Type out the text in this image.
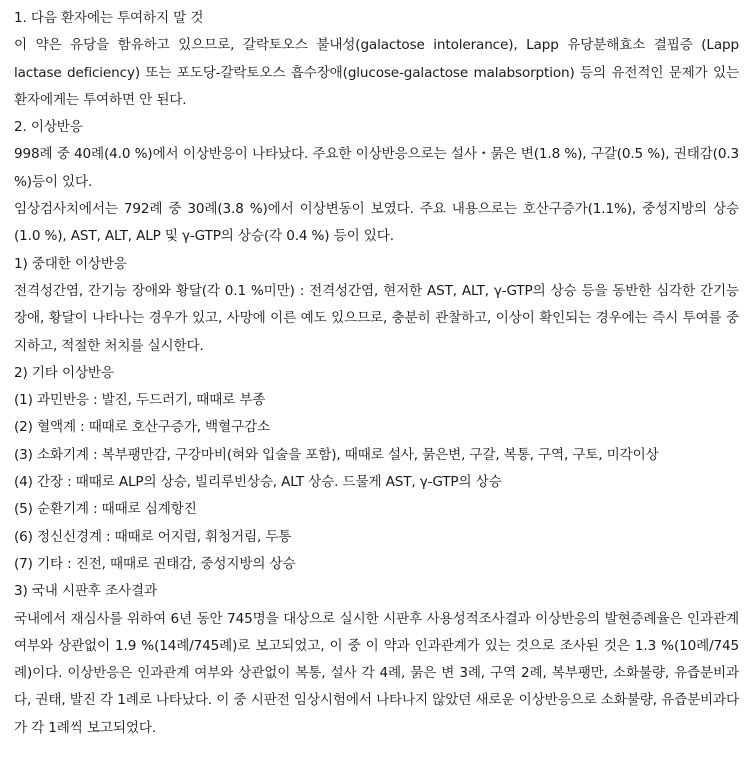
1. 다음 환자에는 투여하지 말 것

이 약은 유당을 함유하고 있으므로, 갈락토오스 불내성(galactose intolerance), Lapp 유당분해효소 결핍증 (Lapp lactase deficiency) 또는 포도당-갈락토오스 흡수장애(glucose-galactose malabsorption) 등의 유전적인 문제가 있는 환자에게는 투여하면 안 된다.

2. 이상반응

998례 중 40례(4.0 %)에서 이상반응이 나타났다. 주요한 이상반응으로는 설사・묽은 변(1.8 %), 구갈(0.5 %), 권태감(0.3 %)등이 있다.

임상검사치에서는 792례 중 30례(3.8 %)에서 이상변동이 보였다. 주요 내용으로는 호산구증가(1.1%), 중성지방의 상승(1.0 %), AST, ALT, ALP 및 γ-GTP의 상승(각 0.4 %) 등이 있다.

1) 중대한 이상반응

전격성간염, 간기능 장애와 황달(각 0.1 %미만) : 전격성간염, 현저한 AST, ALT, γ-GTP의 상승 등을 동반한 심각한 간기능 장애, 황달이 나타나는 경우가 있고, 사망에 이른 예도 있으므로, 충분히 관찰하고, 이상이 확인되는 경우에는 즉시 투여를 중지하고, 적절한 처치를 실시한다.

2) 기타 이상반응

(1) 과민반응 : 발진, 두드러기, 때때로 부종

(2) 혈액계 : 때때로 호산구증가, 백혈구감소

(3) 소화기계 : 복부팽만감, 구강마비(혀와 입술을 포함), 때때로 설사, 묽은변, 구갈, 복통, 구역, 구토, 미각이상

(4) 간장 : 때때로 ALP의 상승, 빌리루빈상승, ALT 상승. 드물게 AST, γ-GTP의 상승

(5) 순환기계 : 때때로 심계항진

(6) 정신신경계 : 때때로 어지럼, 휘청거림, 두통

(7) 기타 : 진전, 때때로 권태감, 중성지방의 상승

3) 국내 시판후 조사결과

국내에서 재심사를 위하여 6년 동안 745명을 대상으로 실시한 시판후 사용성적조사결과 이상반응의 발현증례율은 인과관계 여부와 상관없이 1.9 %(14례/745례)로 보고되었고, 이 중 이 약과 인과관계가 있는 것으로 조사된 것은 1.3 %(10례/745례)이다. 이상반응은 인과관계 여부와 상관없이 복통, 설사 각 4례, 묽은 변 3례, 구역 2례, 복부팽만, 소화불량, 유즙분비과다, 권태, 발진 각 1례로 나타났다. 이 중 시판전 임상시험에서 나타나지 않았던 새로운 이상반응으로 소화불량, 유즙분비과다가 각 1례씩 보고되었다.
